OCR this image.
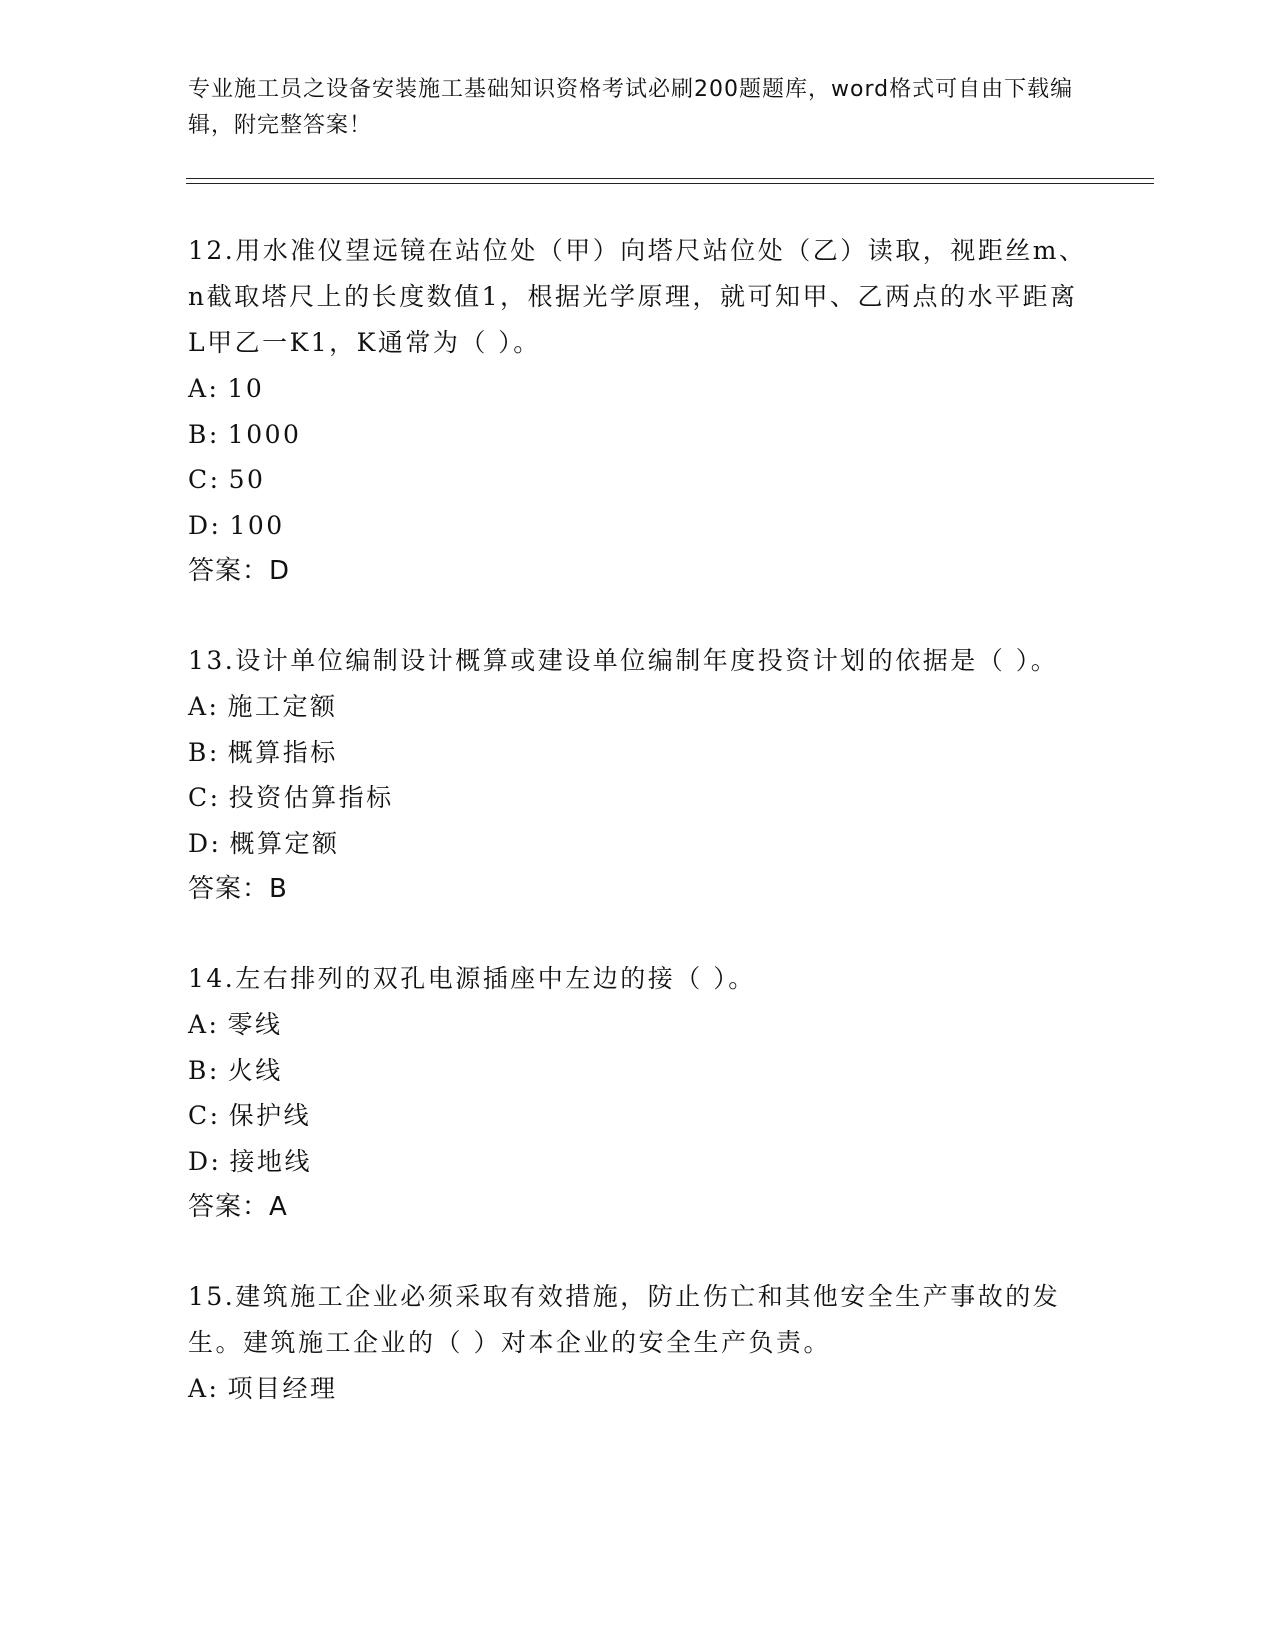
专业施工员之设备安装施工基础知识资格考试必刷200题题库，word格式可自由下载编辑，附完整答案！

12.用水准仪望远镜在站位处（甲）向塔尺站位处（乙）读取，视距丝m、n截取塔尺上的长度数值1，根据光学原理，就可知甲、乙两点的水平距离L甲乙一K1，K通常为（ ）。

A: 10
B: 1000
C: 50
D: 100
答案：D

13.设计单位编制设计概算或建设单位编制年度投资计划的依据是（ ）。

A: 施工定额
B: 概算指标
C: 投资估算指标
D: 概算定额
答案：B

14.左右排列的双孔电源插座中左边的接（ ）。

A: 零线
B: 火线
C: 保护线
D: 接地线
答案：A

15.建筑施工企业必须采取有效措施，防止伤亡和其他安全生产事故的发生。建筑施工企业的（ ）对本企业的安全生产负责。

A: 项目经理
